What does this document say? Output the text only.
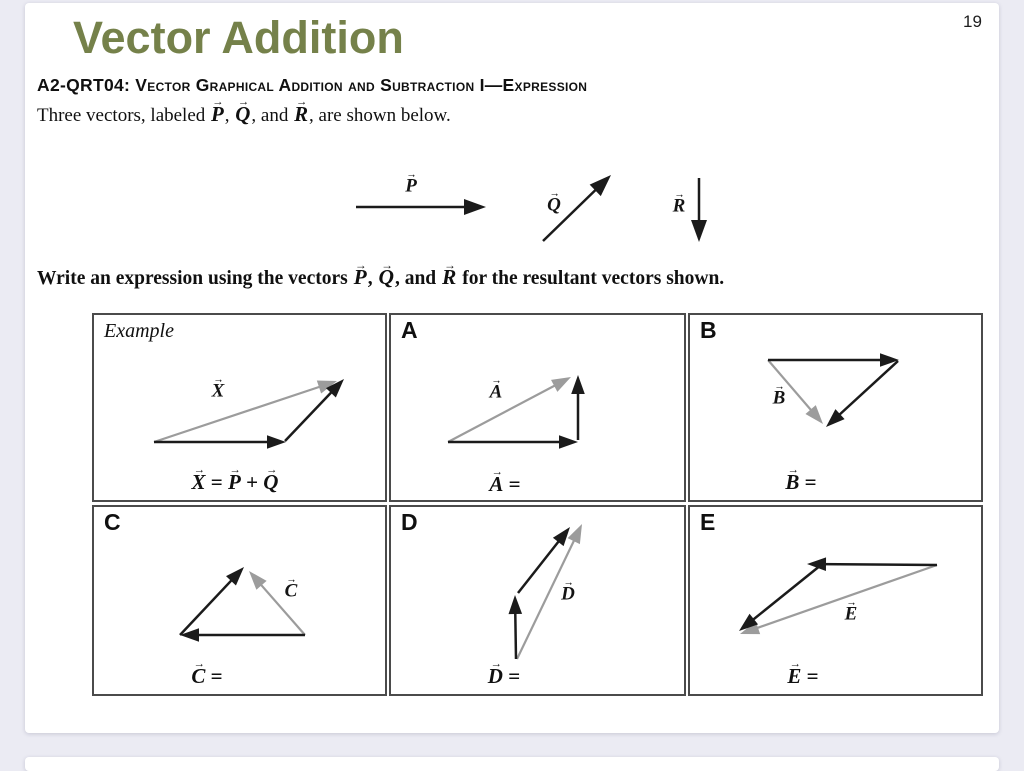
Vector Addition	19
A2-QRT04: Vector Graphical Addition and Subtraction I—Expression
Three vectors, labeled → P, → Q, and → R, are shown below.
→ P
→ Q	→ R
Write an expression using the vectors → P, → Q, and → R for the resultant vectors shown.
Example
→ X
→ X = → P + → Q
A
→ A
→ A =
B
→ B
→ B =
C
→ C
→ C =
D
→ D
→ D =
E
→ E
→ E =
